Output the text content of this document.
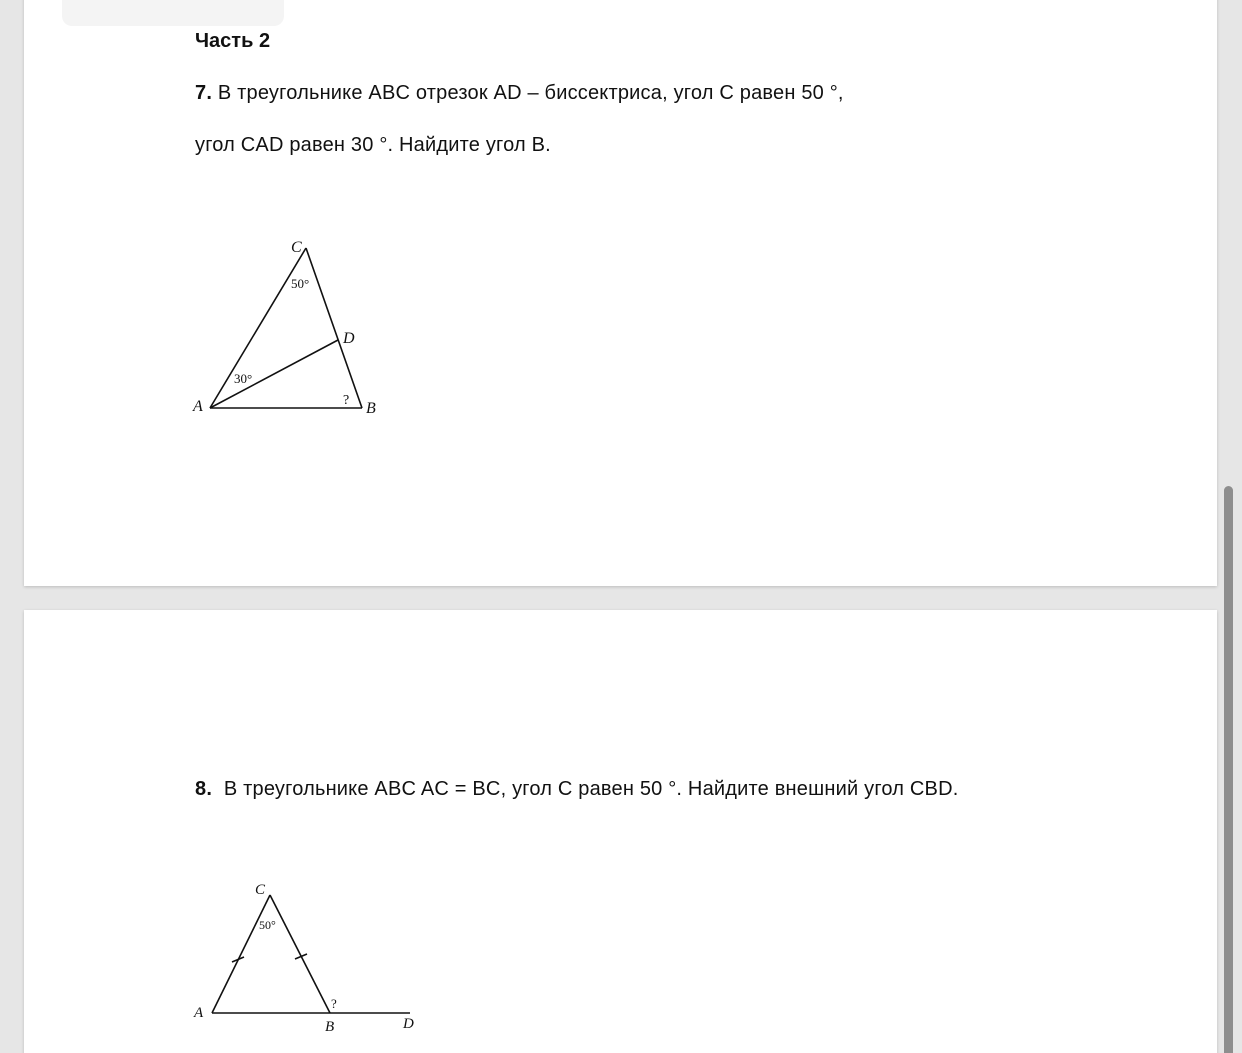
Часть 2
7. В треугольнике ABC отрезок AD – биссектриса, угол С равен 50 °,
угол CAD равен 30 °. Найдите угол B.
C
D
A	B
50°
30°
?
8. В треугольнике ABC AC = BC, угол C равен 50 °. Найдите внешний угол CBD.
C
A
B	D
50°
?
